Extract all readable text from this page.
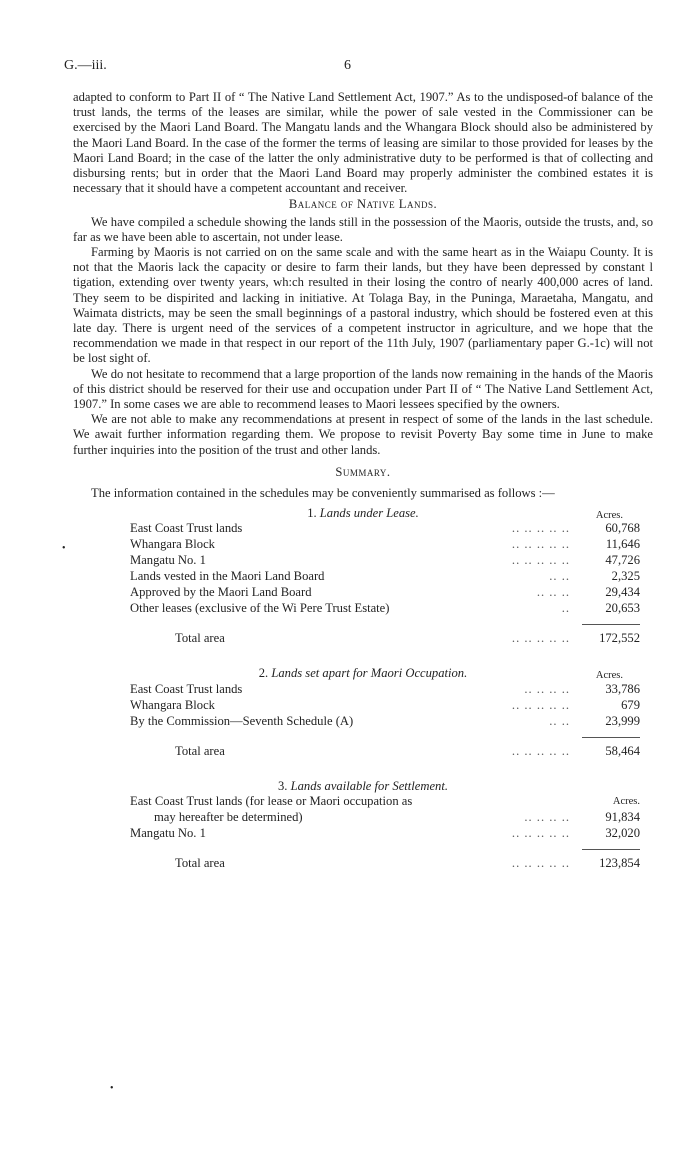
G.—iii.	6

adapted to conform to Part II of “ The Native Land Settlement Act, 1907.” As to the undisposed-of balance of the trust lands, the terms of the leases are similar, while the power of sale vested in the Commissioner can be exercised by the Maori Land Board. The Mangatu lands and the Whangara Block should also be administered by the Maori Land Board. In the case of the former the terms of leasing are similar to those provided for leases by the Maori Land Board; in the case of the latter the only administrative duty to be performed is that of collecting and disbursing rents; but in order that the Maori Land Board may properly administer the combined estates it is necessary that it should have a competent accountant and receiver.

Balance of Native Lands.

We have compiled a schedule showing the lands still in the possession of the Maoris, outside the trusts, and, so far as we have been able to ascertain, not under lease.

Farming by Maoris is not carried on on the same scale and with the same heart as in the Waiapu County. It is not that the Maoris lack the capacity or desire to farm their lands, but they have been depressed by constant l tigation, extending over twenty years, wh:ch resulted in their losing the contro of nearly 400,000 acres of land. They seem to be dispirited and lacking in initiative. At Tolaga Bay, in the Puninga, Maraetaha, Mangatu, and Waimata districts, may be seen the small beginnings of a pastoral industry, which should be fostered even at this late day. There is urgent need of the services of a competent instructor in agriculture, and we hope that the recommendation we made in that respect in our report of the 11th July, 1907 (parliamentary paper G.-1c) will not be lost sight of.

We do not hesitate to recommend that a large proportion of the lands now remaining in the hands of the Maoris of this district should be reserved for their use and occupation under Part II of “ The Native Land Settlement Act, 1907.” In some cases we are able to recommend leases to Maori lessees specified by the owners.

We are not able to make any recommendations at present in respect of some of the lands in the last schedule. We await further information regarding them. We propose to revisit Poverty Bay some time in June to make further inquiries into the position of the trust and other lands.

Summary.

The information contained in the schedules may be conveniently summarised as follows :—

1. Lands under Lease.	Acres.
.. .. .. .. ..
East Coast Trust lands	60,768
.. .. .. .. ..
Whangara Block	11,646
.. .. .. .. ..
Mangatu No. 1	47,726
.. ..
Lands vested in the Maori Land Board	2,325
.. .. ..
Approved by the Maori Land Board	29,434
..
Other leases (exclusive of the Wi Pere Trust Estate)	20,653
.. .. .. .. ..
Total area	172,552
2. Lands set apart for Maori Occupation.	Acres.
.. .. .. ..
East Coast Trust lands	33,786
.. .. .. .. ..
Whangara Block	679
.. ..
By the Commission—Seventh Schedule (A)	23,999
.. .. .. .. ..
Total area	58,464
3. Lands available for Settlement.
East Coast Trust lands (for lease or Maori occupation as	Acres.
.. .. .. ..
may hereafter be determined)	91,834
.. .. .. .. ..
Mangatu No. 1	32,020
.. .. .. .. ..
Total area	123,854
•
•
